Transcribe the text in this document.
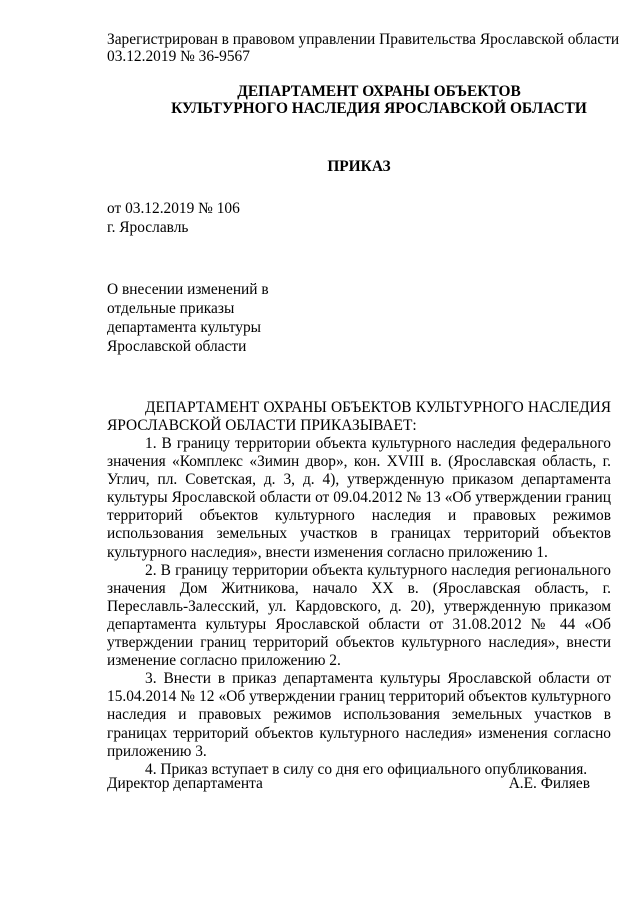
Зарегистрирован в правовом управлении Правительства Ярославской области
03.12.2019 № 36-9567
ДЕПАРТАМЕНТ ОХРАНЫ ОБЪЕКТОВ
КУЛЬТУРНОГО НАСЛЕДИЯ ЯРОСЛАВСКОЙ ОБЛАСТИ
ПРИКАЗ
от 03.12.2019 № 106
г. Ярославль
О внесении изменений в
отдельные приказы
департамента культуры
Ярославской области

ДЕПАРТАМЕНТ ОХРАНЫ ОБЪЕКТОВ КУЛЬТУРНОГО НАСЛЕДИЯ ЯРОСЛАВСКОЙ ОБЛАСТИ ПРИКАЗЫВАЕТ:

1. В границу территории объекта культурного наследия федерального значения «Комплекс «Зимин двор», кон. XVIII в. (Ярославская область, г. Углич, пл. Советская, д. 3, д. 4), утвержденную приказом департамента культуры Ярославской области от 09.04.2012 № 13 «Об утверждении границ территорий объектов культурного наследия и правовых режимов использования земельных участков в границах территорий объектов культурного наследия», внести изменения согласно приложению 1.

2. В границу территории объекта культурного наследия регионального значения Дом Житникова, начало XX в. (Ярославская область, г. Переславль-Залесский, ул. Кардовского, д. 20), утвержденную приказом департамента культуры Ярославской области от 31.08.2012 № 44 «Об утверждении границ территорий объектов культурного наследия», внести изменение согласно приложению 2.

3. Внести в приказ департамента культуры Ярославской области от 15.04.2014 № 12 «Об утверждении границ территорий объектов культурного наследия и правовых режимов использования земельных участков в границах территорий объектов культурного наследия» изменения согласно приложению 3.

4. Приказ вступает в силу со дня его официального опубликования.

Директор департамента	А.Е. Филяев
